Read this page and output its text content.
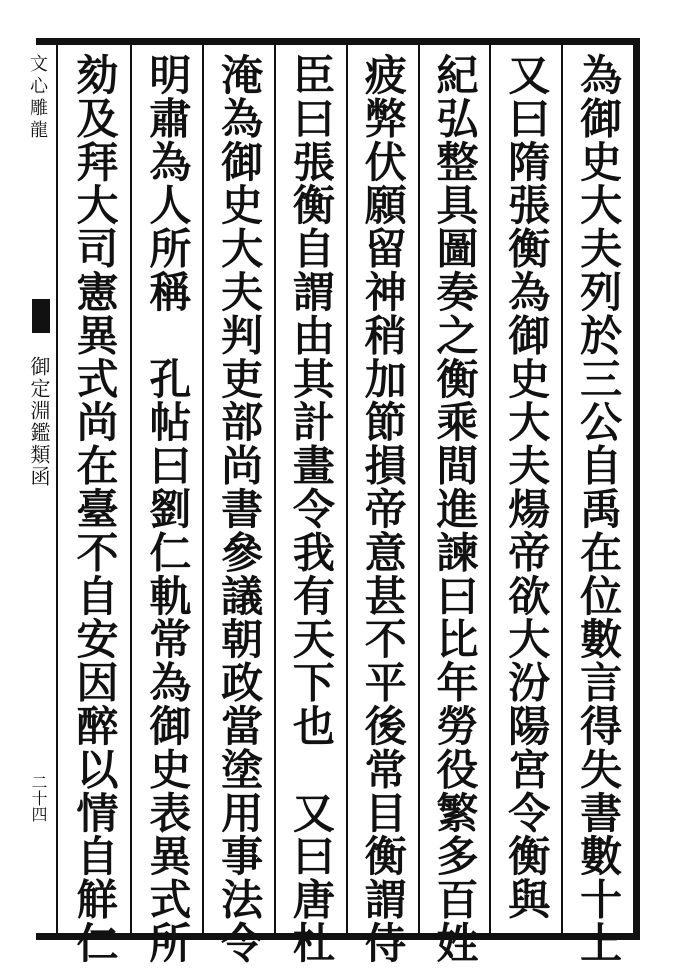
文心雕龍
御定淵鑑類函
二十四	為御史大夫列於三公自禹在位數言得失書數十上
又曰隋張衡為御史大夫煬帝欲大汾陽宮令衡與
紀弘整具圖奏之衡乘間進諫曰比年勞役繁多百姓
疲弊伏願留神稍加節損帝意甚不平後常目衡謂侍
臣曰張衡自謂由其計畫令我有天下也　又曰唐杜
淹為御史大夫判吏部尚書參議朝政當塗用事法令
明肅為人所稱　孔帖曰劉仁軌常為御史表異式所
劾及拜大司憲異式尚在臺不自安因醉以情自觧仁
